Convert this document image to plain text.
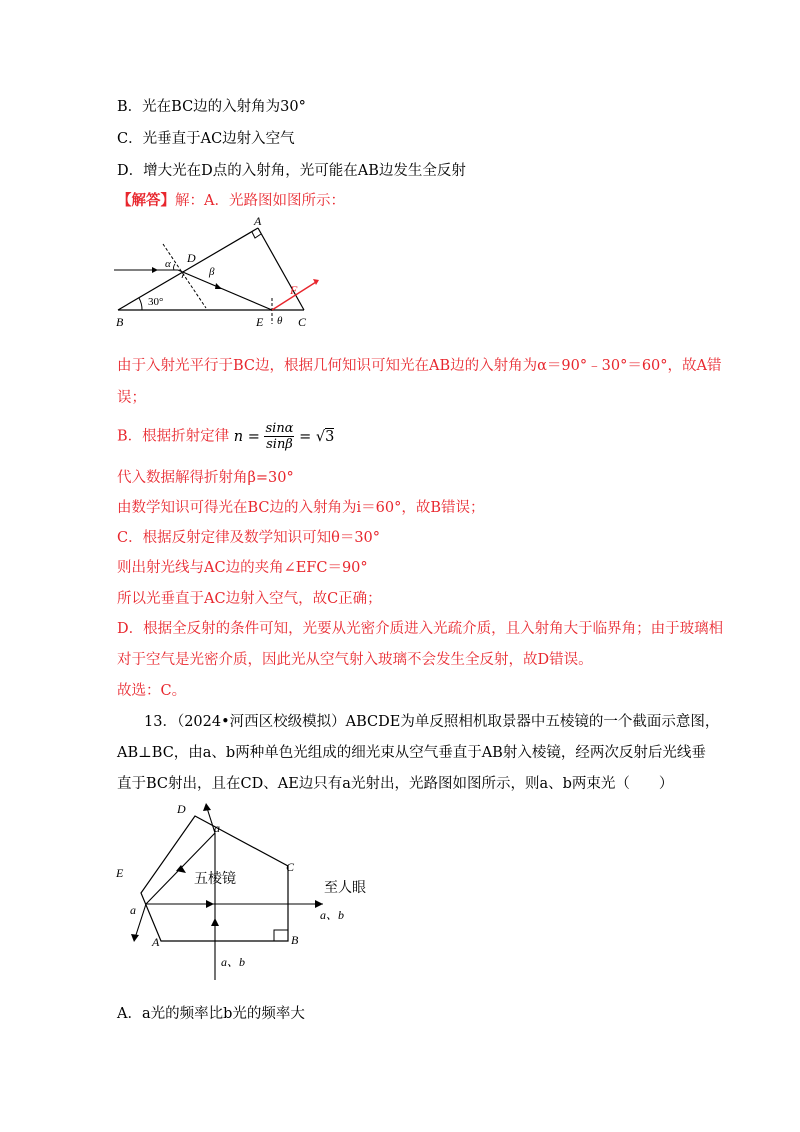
B．光在BC边的入射角为30°
C．光垂直于AC边射入空气
D．增大光在D点的入射角，光可能在AB边发生全反射
【解答】解：A．光路图如图所示：
A
B	C
D
E
F
α
β
θ
30°
由于入射光平行于BC边，根据几何知识可知光在AB边的入射角为α＝90°﹣30°＝60°，故A错
误；
B．根据折射定律 $n = \frac{\sin\alpha}{\sin\beta} = √3$
代入数据解得折射角β=30°
由数学知识可得光在BC边的入射角为i＝60°，故B错误；
C．根据反射定律及数学知识可知θ＝30°
则出射光线与AC边的夹角∠EFC＝90°
所以光垂直于AC边射入空气，故C正确；
D．根据全反射的条件可知，光要从光密介质进入光疏介质，且入射角大于临界角；由于玻璃相
对于空气是光密介质，因此光从空气射入玻璃不会发生全反射，故D错误。
故选：C。
13．（2024•河西区校级模拟）ABCDE为单反照相机取景器中五棱镜的一个截面示意图，
AB⊥BC，由a、b两种单色光组成的细光束从空气垂直于AB射入棱镜，经两次反射后光线垂
直于BC射出，且在CD、AE边只有a光射出，光路图如图所示，则a、b两束光（　　）
D
E	C
A	B
a
a
五棱镜
至人眼
a、b
a、b
A．a光的频率比b光的频率大
